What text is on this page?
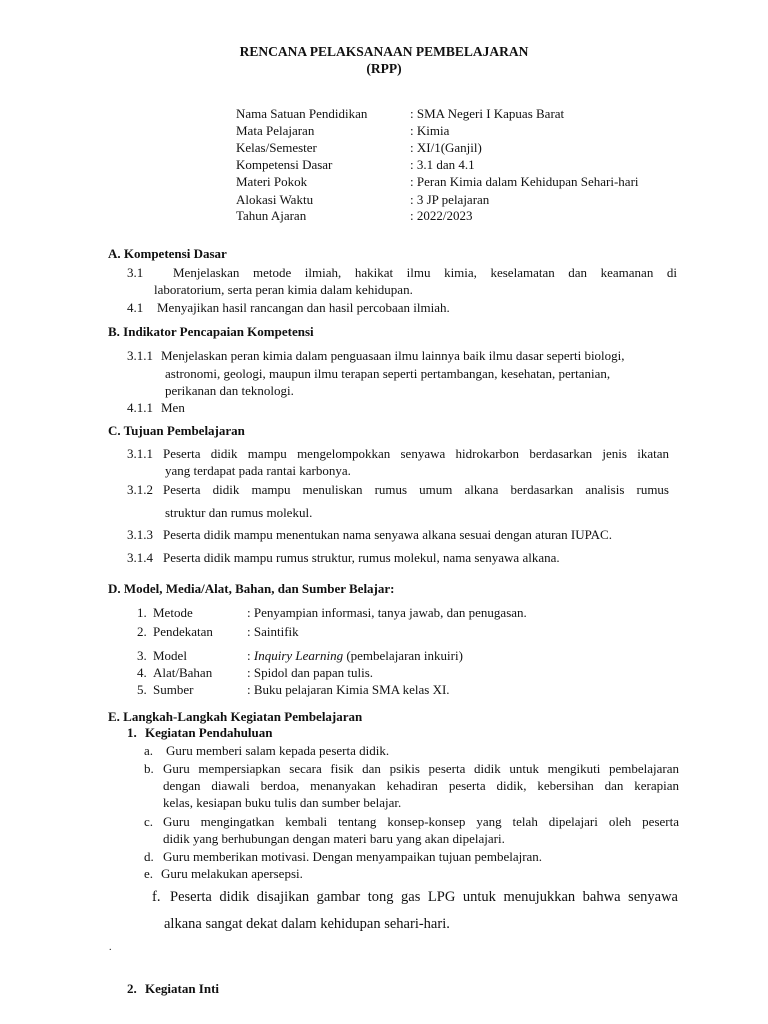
RENCANA PELAKSANAAN PEMBELAJARAN
(RPP)
Nama Satuan Pendidikan	: SMA Negeri I Kapuas Barat
Mata Pelajaran	: Kimia
Kelas/Semester	: XI/1(Ganjil)
Kompetensi Dasar	: 3.1 dan 4.1
Materi Pokok	: Peran Kimia dalam Kehidupan Sehari-hari
Alokasi Waktu	: 3 JP pelajaran
Tahun Ajaran	: 2022/2023
A. Kompetensi Dasar
3.1 Menjelaskan metode ilmiah, hakikat ilmu kimia, keselamatan dan keamanan di
laboratorium, serta peran kimia dalam kehidupan.
4.1 Menyajikan hasil rancangan dan hasil percobaan ilmiah.
B. Indikator Pencapaian Kompetensi
3.1.1 Menjelaskan peran kimia dalam penguasaan ilmu lainnya baik ilmu dasar seperti biologi,
astronomi, geologi, maupun ilmu terapan seperti pertambangan, kesehatan, pertanian,
perikanan dan teknologi.
4.1.1 Men
C. Tujuan Pembelajaran
3.1.1 Peserta didik mampu mengelompokkan senyawa hidrokarbon berdasarkan jenis ikatan
yang terdapat pada rantai karbonya.
3.1.2 Peserta didik mampu menuliskan rumus umum alkana berdasarkan analisis rumus
struktur dan rumus molekul.
3.1.3 Peserta didik mampu menentukan nama senyawa alkana sesuai dengan aturan IUPAC.
3.1.4 Peserta didik mampu rumus struktur, rumus molekul, nama senyawa alkana.
D. Model, Media/Alat, Bahan, dan Sumber Belajar:
1. Metode	: Penyampian informasi, tanya jawab, dan penugasan.
2. Pendekatan	: Saintifik
3. Model	: Inquiry Learning (pembelajaran inkuiri)
4. Alat/Bahan	: Spidol dan papan tulis.
5. Sumber	: Buku pelajaran Kimia SMA kelas XI.
E. Langkah-Langkah Kegiatan Pembelajaran
1. Kegiatan Pendahuluan
a. Guru memberi salam kepada peserta didik.
b. Guru mempersiapkan secara fisik dan psikis peserta didik untuk mengikuti pembelajaran
dengan diawali berdoa, menanyakan kehadiran peserta didik, kebersihan dan kerapian
kelas, kesiapan buku tulis dan sumber belajar.
c. Guru mengingatkan kembali tentang konsep-konsep yang telah dipelajari oleh peserta
didik yang berhubungan dengan materi baru yang akan dipelajari.
d. Guru memberikan motivasi. Dengan menyampaikan tujuan pembelajran.
e. Guru melakukan apersepsi.
f. Peserta didik disajikan gambar tong gas LPG untuk menujukkan bahwa senyawa
alkana sangat dekat dalam kehidupan sehari-hari.
.
2. Kegiatan Inti
